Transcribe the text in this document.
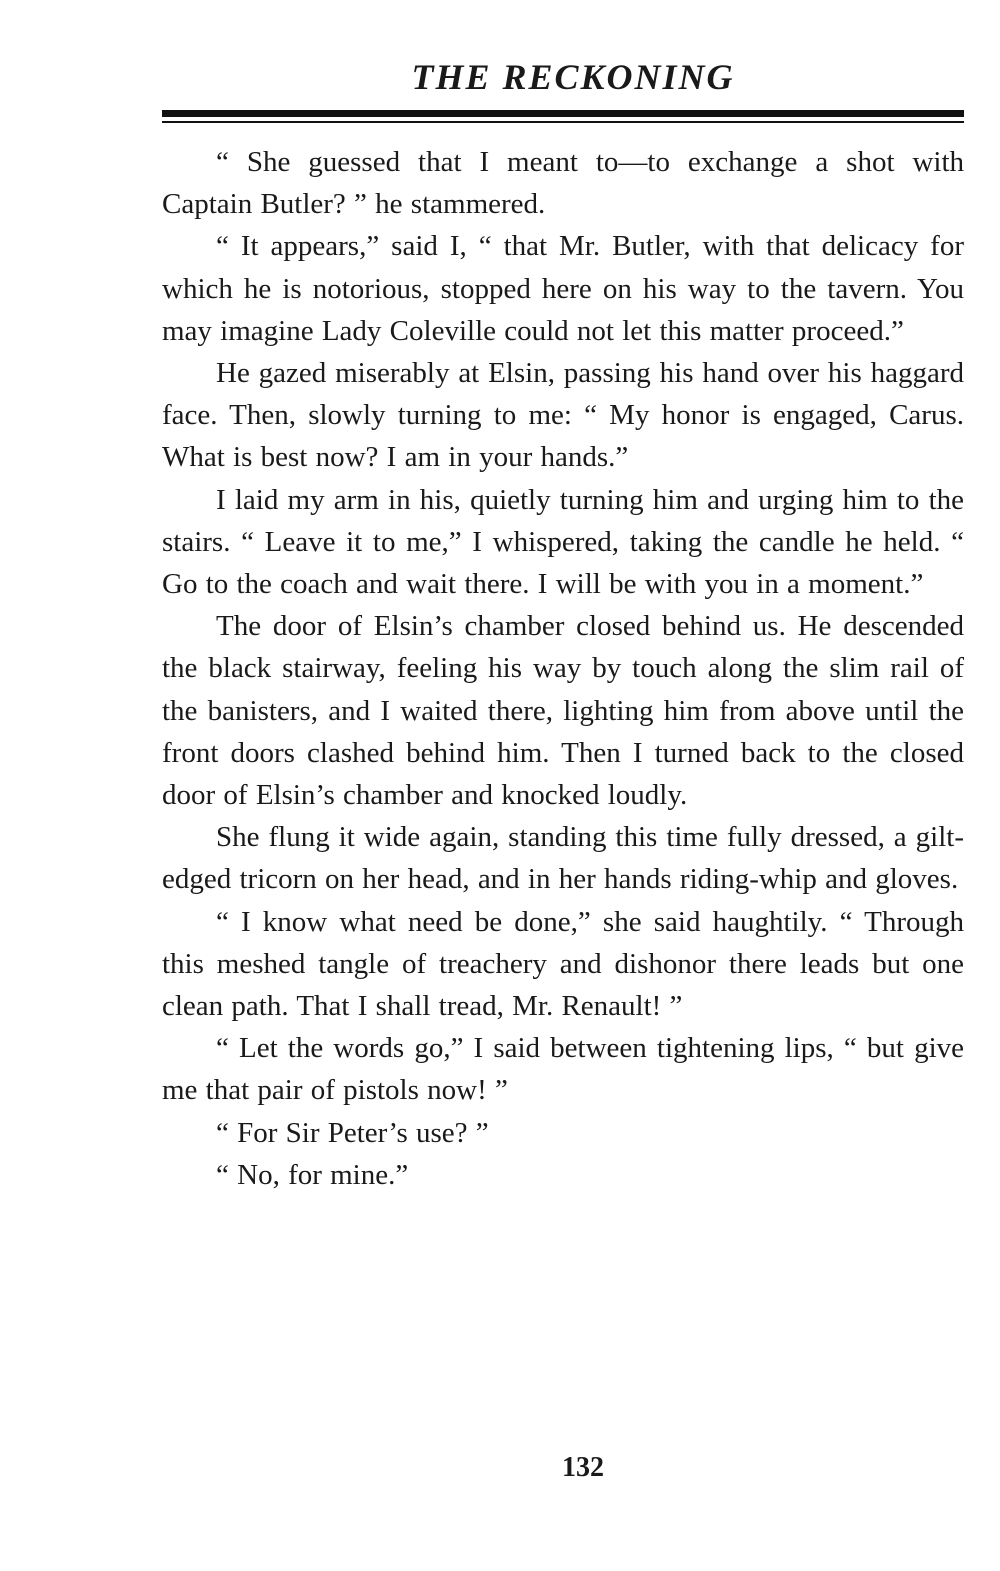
THE RECKONING

“ She guessed that I meant to—to exchange a shot with Captain Butler? ” he stammered.

“ It appears,” said I, “ that Mr. Butler, with that delicacy for which he is notorious, stopped here on his way to the tavern. You may imagine Lady Coleville could not let this matter proceed.”

He gazed miserably at Elsin, passing his hand over his haggard face. Then, slowly turning to me: “ My honor is engaged, Carus. What is best now? I am in your hands.”

I laid my arm in his, quietly turning him and urging him to the stairs. “ Leave it to me,” I whispered, taking the candle he held. “ Go to the coach and wait there. I will be with you in a moment.”

The door of Elsin’s chamber closed behind us. He descended the black stairway, feeling his way by touch along the slim rail of the banisters, and I waited there, lighting him from above until the front doors clashed behind him. Then I turned back to the closed door of Elsin’s chamber and knocked loudly.

She flung it wide again, standing this time fully dressed, a gilt-edged tricorn on her head, and in her hands riding-whip and gloves.

“ I know what need be done,” she said haughtily. “ Through this meshed tangle of treachery and dishonor there leads but one clean path. That I shall tread, Mr. Renault! ”

“ Let the words go,” I said between tightening lips, “ but give me that pair of pistols now! ”

“ For Sir Peter’s use? ”

“ No, for mine.”

132
